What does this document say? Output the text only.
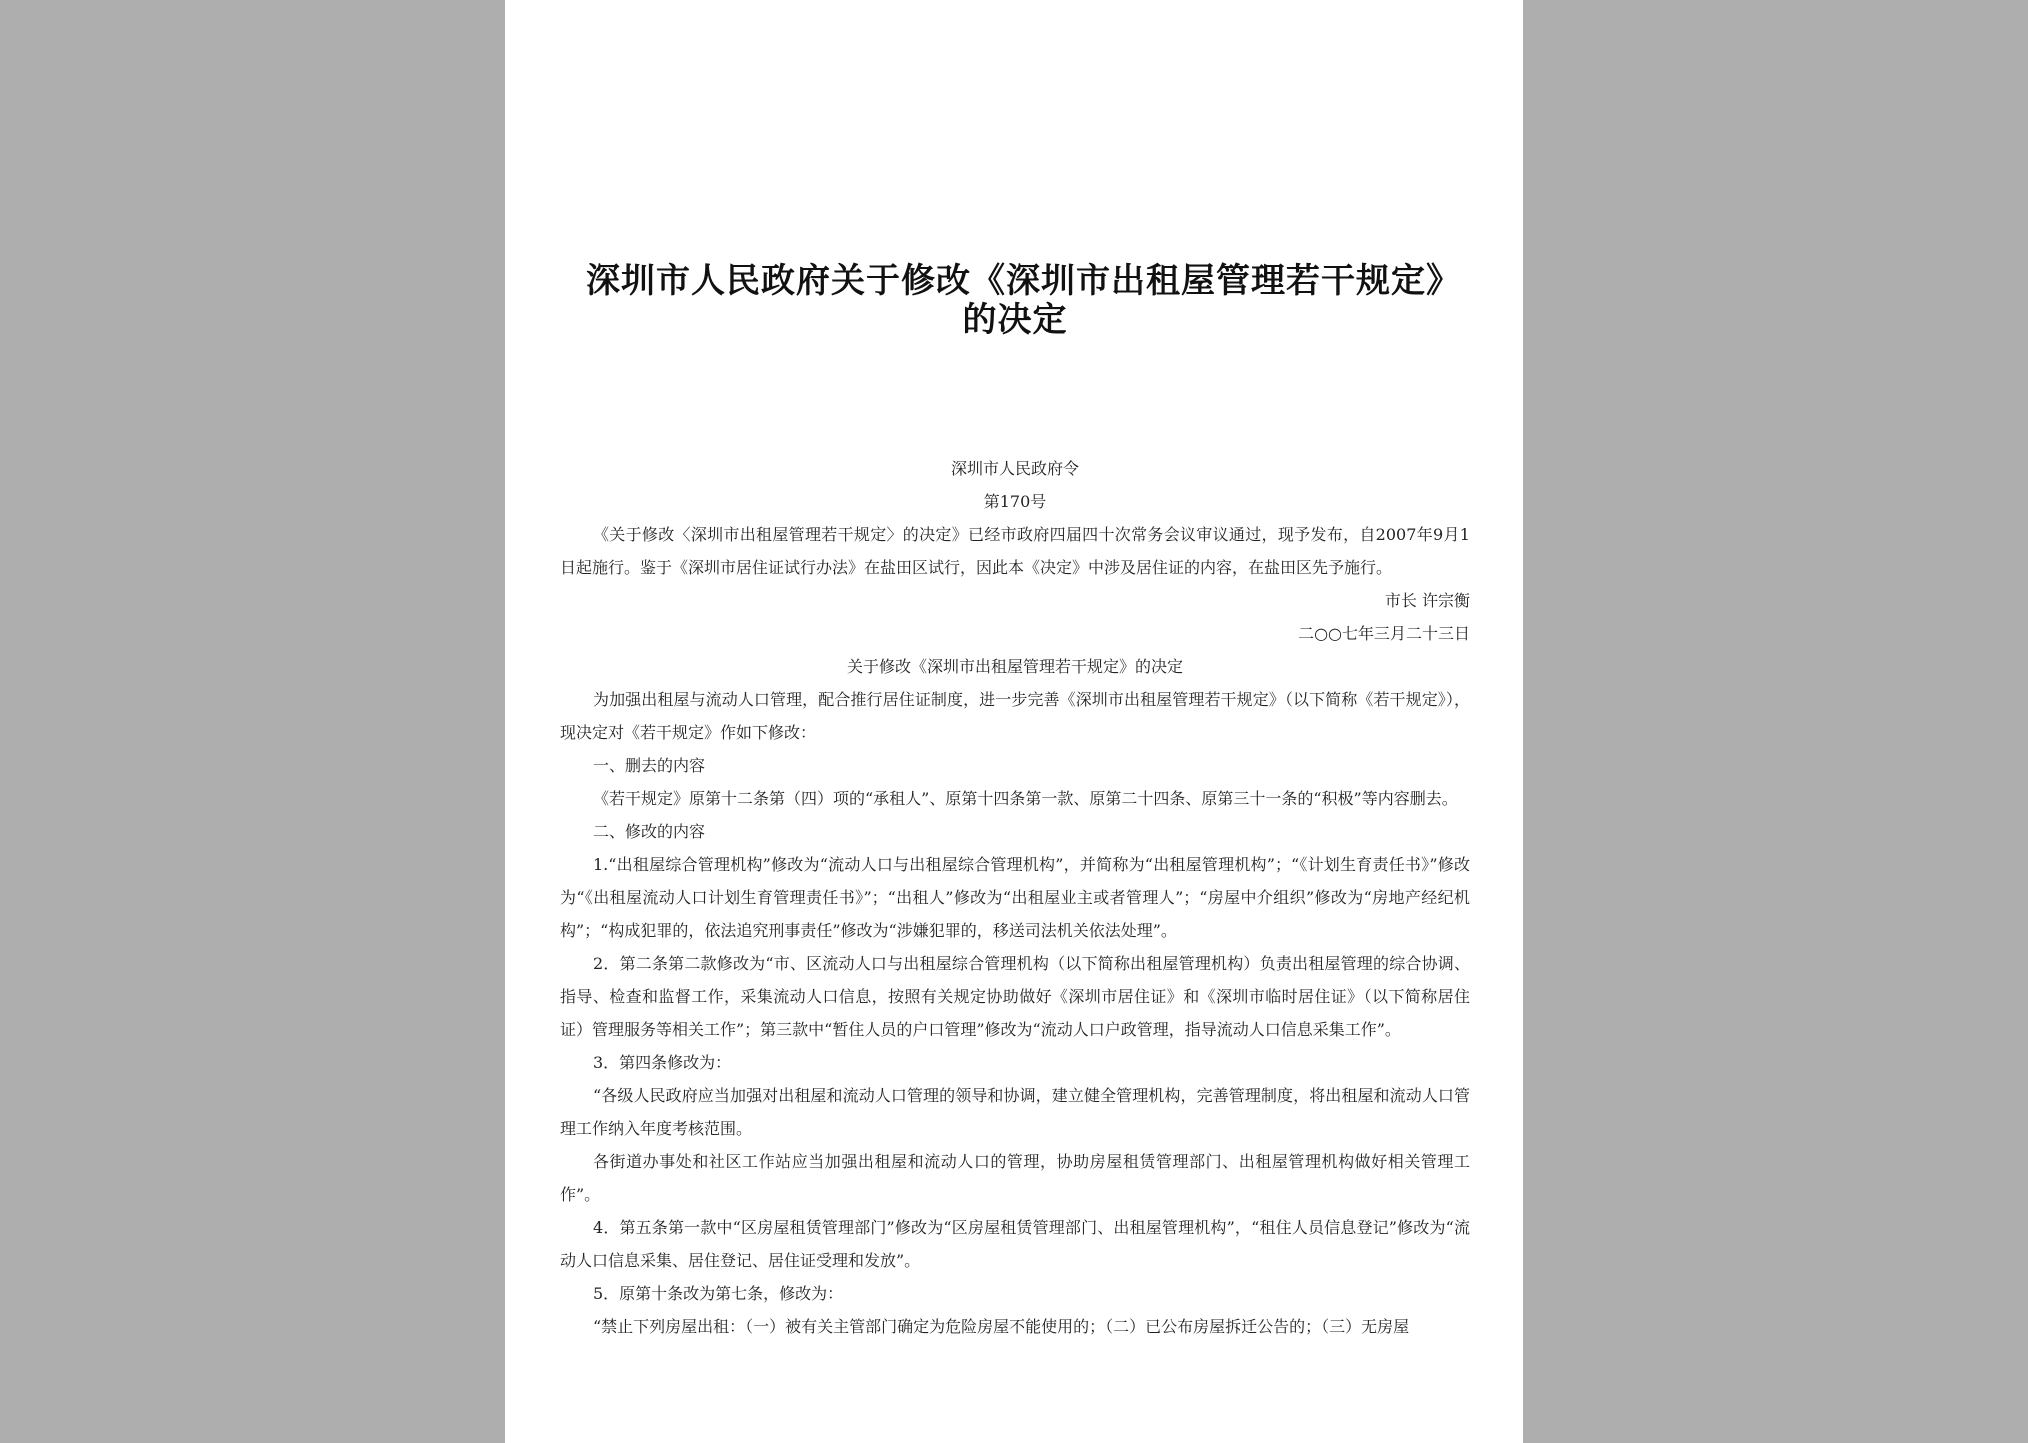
深圳市人民政府关于修改《深圳市出租屋管理若干规定》的决定

深圳市人民政府令

第170号

《关于修改〈深圳市出租屋管理若干规定〉的决定》已经市政府四届四十次常务会议审议通过，现予发布，自2007年9月1日起施行。鉴于《深圳市居住证试行办法》在盐田区试行，因此本《决定》中涉及居住证的内容，在盐田区先予施行。

市长 许宗衡

二○○七年三月二十三日

关于修改《深圳市出租屋管理若干规定》的决定

为加强出租屋与流动人口管理，配合推行居住证制度，进一步完善《深圳市出租屋管理若干规定》（以下简称《若干规定》），现决定对《若干规定》作如下修改：

一、删去的内容

《若干规定》原第十二条第（四）项的“承租人”、原第十四条第一款、原第二十四条、原第三十一条的“积极”等内容删去。

二、修改的内容

1.“出租屋综合管理机构”修改为“流动人口与出租屋综合管理机构”，并简称为“出租屋管理机构”；“《计划生育责任书》”修改为“《出租屋流动人口计划生育管理责任书》”；“出租人”修改为“出租屋业主或者管理人”；“房屋中介组织”修改为“房地产经纪机构”；“构成犯罪的，依法追究刑事责任”修改为“涉嫌犯罪的，移送司法机关依法处理”。

2．第二条第二款修改为“市、区流动人口与出租屋综合管理机构（以下简称出租屋管理机构）负责出租屋管理的综合协调、指导、检查和监督工作，采集流动人口信息，按照有关规定协助做好《深圳市居住证》和《深圳市临时居住证》（以下简称居住证）管理服务等相关工作”；第三款中“暂住人员的户口管理”修改为“流动人口户政管理，指导流动人口信息采集工作”。

3．第四条修改为：

“各级人民政府应当加强对出租屋和流动人口管理的领导和协调，建立健全管理机构，完善管理制度，将出租屋和流动人口管理工作纳入年度考核范围。

各街道办事处和社区工作站应当加强出租屋和流动人口的管理，协助房屋租赁管理部门、出租屋管理机构做好相关管理工作”。

4．第五条第一款中“区房屋租赁管理部门”修改为“区房屋租赁管理部门、出租屋管理机构”，“租住人员信息登记”修改为“流动人口信息采集、居住登记、居住证受理和发放”。

5．原第十条改为第七条，修改为：

“禁止下列房屋出租：（一）被有关主管部门确定为危险房屋不能使用的；（二）已公布房屋拆迁公告的；（三）无房屋
